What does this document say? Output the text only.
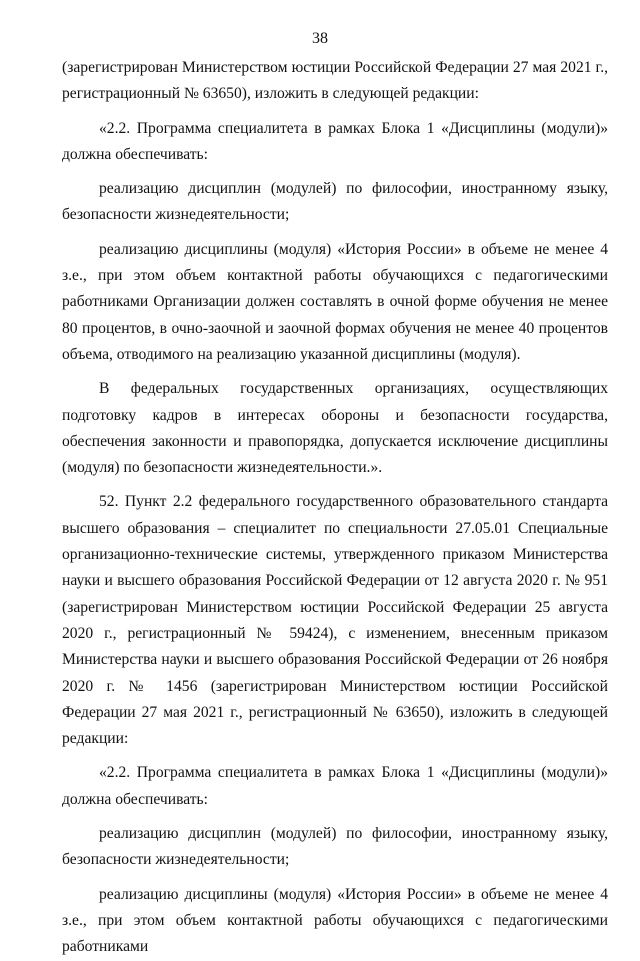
38

(зарегистрирован Министерством юстиции Российской Федерации 27 мая 2021 г., регистрационный № 63650), изложить в следующей редакции:

«2.2. Программа специалитета в рамках Блока 1 «Дисциплины (модули)» должна обеспечивать:

реализацию дисциплин (модулей) по философии, иностранному языку, безопасности жизнедеятельности;

реализацию дисциплины (модуля) «История России» в объеме не менее 4 з.е., при этом объем контактной работы обучающихся с педагогическими работниками Организации должен составлять в очной форме обучения не менее 80 процентов, в очно-заочной и заочной формах обучения не менее 40 процентов объема, отводимого на реализацию указанной дисциплины (модуля).

В федеральных государственных организациях, осуществляющих подготовку кадров в интересах обороны и безопасности государства, обеспечения законности и правопорядка, допускается исключение дисциплины (модуля) по безопасности жизнедеятельности.».

52. Пункт 2.2 федерального государственного образовательного стандарта высшего образования – специалитет по специальности 27.05.01 Специальные организационно-технические системы, утвержденного приказом Министерства науки и высшего образования Российской Федерации от 12 августа 2020 г. № 951 (зарегистрирован Министерством юстиции Российской Федерации 25 августа 2020 г., регистрационный № 59424), с изменением, внесенным приказом Министерства науки и высшего образования Российской Федерации от 26 ноября 2020 г. № 1456 (зарегистрирован Министерством юстиции Российской Федерации 27 мая 2021 г., регистрационный № 63650), изложить в следующей редакции:

«2.2. Программа специалитета в рамках Блока 1 «Дисциплины (модули)» должна обеспечивать:

реализацию дисциплин (модулей) по философии, иностранному языку, безопасности жизнедеятельности;

реализацию дисциплины (модуля) «История России» в объеме не менее 4 з.е., при этом объем контактной работы обучающихся с педагогическими работниками
